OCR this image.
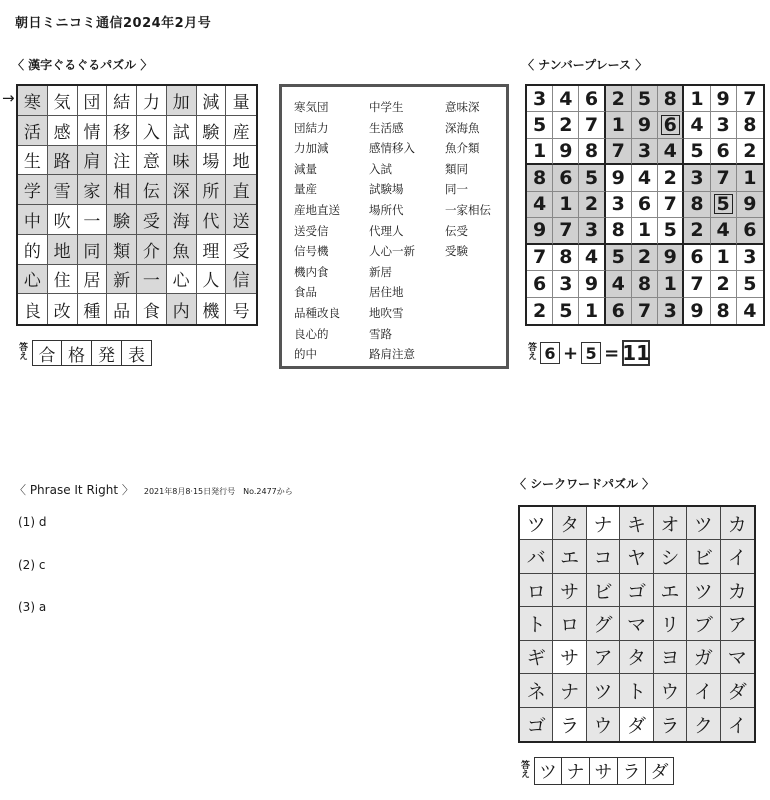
朝日ミニコミ通信2024年2月号
〈 漢字ぐるぐるパズル 〉
→ 寒 気 団 結 力 加 減 量
活 感 情 移 入 試 験 産
生 路 肩 注 意 味 場 地
学 雪 家 相 伝 深 所 直
中 吹 一 験 受 海 代 送
的 地 同 類 介 魚 理 受
心 住 居 新 一 心 人 信
良 改 種 品 食 内 機 号
答え 合 格 発 表
寒気団
団結力
力加減
減量
量産
産地直送
送受信
信号機
機内食
食品
品種改良
良心的
的中
中学生
生活感
感情移入
入試
試験場
場所代
代理人
人心一新
新居
居住地
地吹雪
雪路
路肩注意
意味深
深海魚
魚介類
類同
同一
一家相伝
伝受
受験
〈 ナンバープレース 〉
3 4 6 2 5 8 1 9 7
5 2 7 1 9 6 4 3 8
1 9 8 7 3 4 5 6 2
8 6 5 9 4 2 3 7 1
4 1 2 3 6 7 8 5 9
9 7 3 8 1 5 2 4 6
7 8 4 5 2 9 6 1 3
6 3 9 4 8 1 7 2 5
2 5 1 6 7 3 9 8 4
答え 6 + 5 = 11
〈 Phrase It Right 〉 2021年8月8·15日発行号　No.2477から
(1) d
(2) c
(3) a
〈 シークワードパズル 〉
ツ タ ナ キ オ ツ カ
バ エ コ ヤ シ ビ イ
ロ サ ビ ゴ エ ツ カ
ト ロ グ マ リ ブ ア
ギ サ ア タ ヨ ガ マ
ネ ナ ツ ト ウ イ ダ
ゴ ラ ウ ダ ラ ク イ
答え ツ ナ サ ラ ダ
